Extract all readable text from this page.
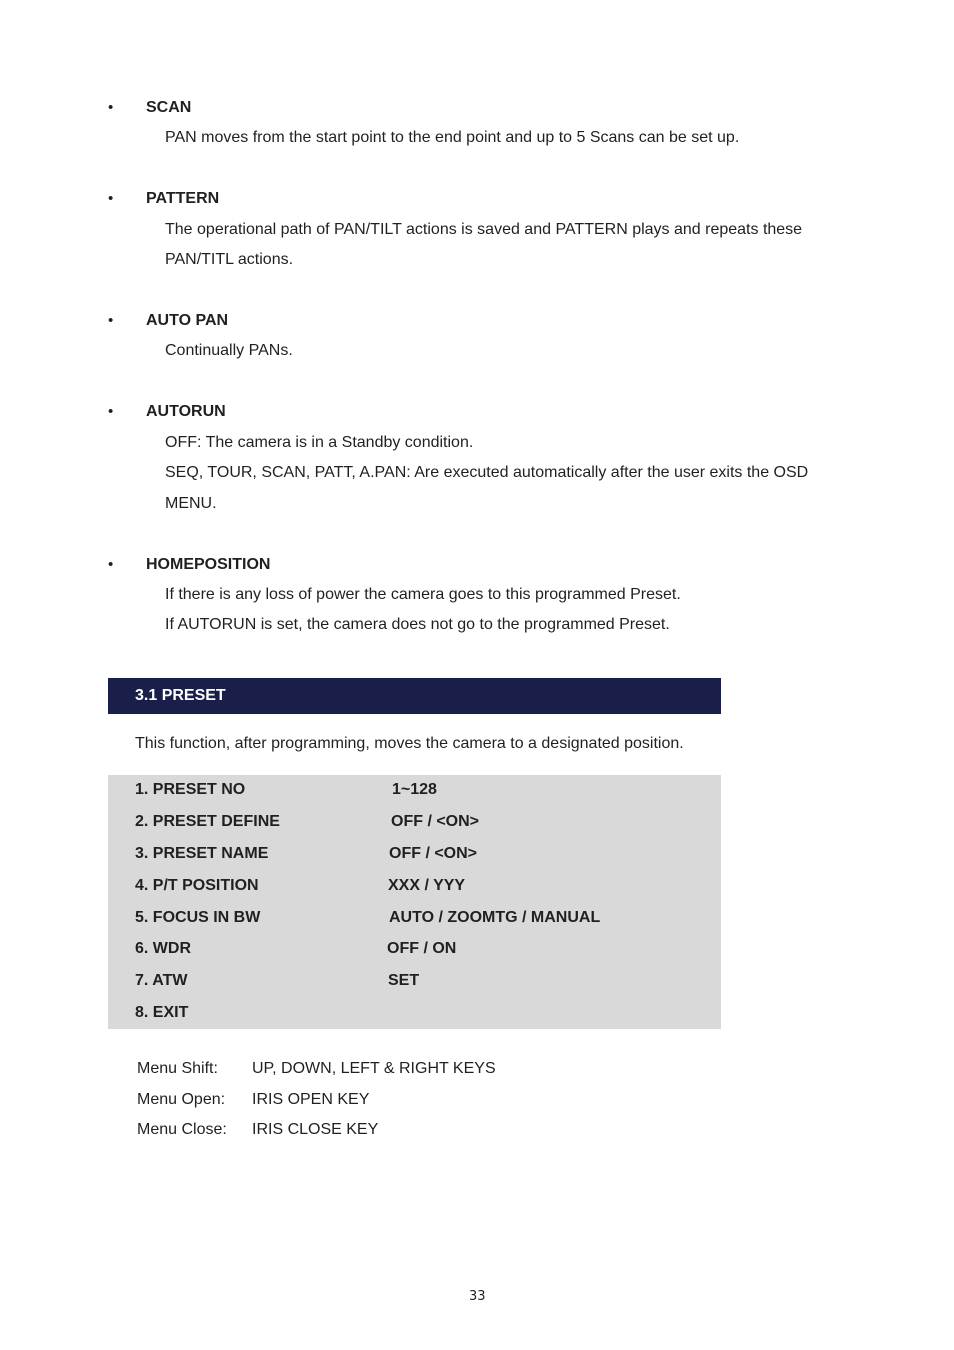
• SCAN
PAN moves from the start point to the end point and up to 5 Scans can be set up.
• PATTERN
The operational path of PAN/TILT actions is saved and PATTERN plays and repeats these
PAN/TITL actions.
• AUTO PAN
Continually PANs.
• AUTORUN
OFF: The camera is in a Standby condition.
SEQ, TOUR, SCAN, PATT, A.PAN: Are executed automatically after the user exits the OSD
MENU.
• HOMEPOSITION
If there is any loss of power the camera goes to this programmed Preset.
If AUTORUN is set, the camera does not go to the programmed Preset.
3.1 PRESET
This function, after programming, moves the camera to a designated position.
1. PRESET NO	1~128
2. PRESET DEFINE	OFF / <ON>
3. PRESET NAME	OFF / <ON>
4. P/T POSITION	XXX / YYY
5. FOCUS IN BW	AUTO / ZOOMTG / MANUAL
6. WDR	OFF / ON
7. ATW	SET
8. EXIT
Menu Shift: UP, DOWN, LEFT & RIGHT KEYS
Menu Open: IRIS OPEN KEY
Menu Close: IRIS CLOSE KEY
33
